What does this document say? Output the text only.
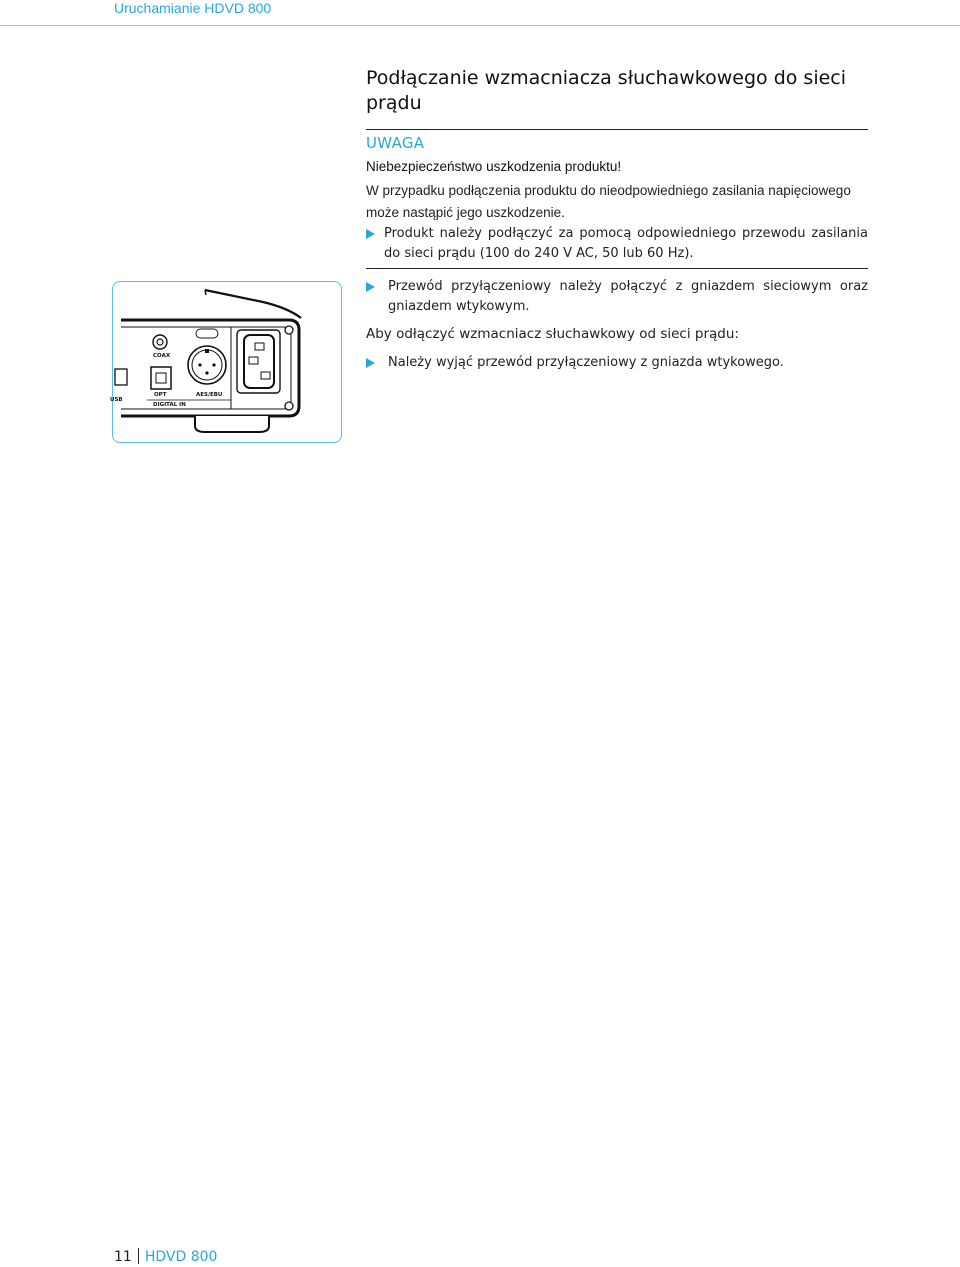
Uruchamianie HDVD 800
Podłączanie wzmacniacza słuchawkowego do sieci prądu
UWAGA
Niebezpieczeństwo uszkodzenia produktu!
W przypadku podłączenia produktu do nieodpowiedniego zasilania napięciowego może nastąpić jego uszkodzenie.
Produkt należy podłączyć za pomocą odpowiedniego przewodu zasilania do sieci prądu (100 do 240 V AC, 50 lub 60 Hz).
COAX
OPT	AES/EBU
DIGITAL IN
USB
Przewód przyłączeniowy należy połączyć z gniazdem sieciowym oraz gniazdem wtykowym.
Aby odłączyć wzmacniacz słuchawkowy od sieci prądu:
Należy wyjąć przewód przyłączeniowy z gniazda wtykowego.
11 HDVD 800
